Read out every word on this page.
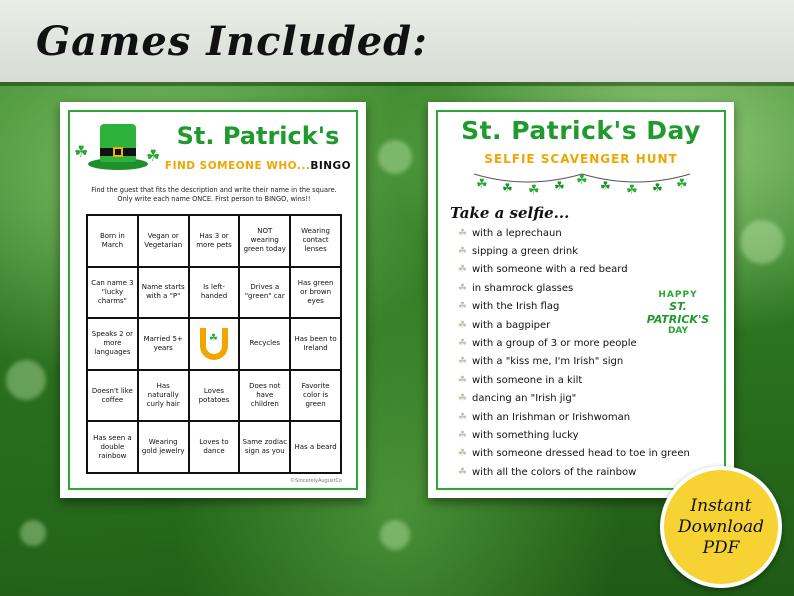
Games Included:
☘	☘
St. Patrick's
FIND SOMEONE WHO...BINGO
Find the guest that fits the description and write their name in the square. Only write each name ONCE. First person to BINGO, wins!!
Born in March
Vegan or Vegetarian
Has 3 or more pets
NOT wearing green today
Wearing contact lenses
Can name 3 "lucky charms"
Name starts with a "P"
Is left-handed
Drives a "green" car
Has green or brown eyes
Speaks 2 or more languages
Married 5+ years
☘	Recycles
Has been to Ireland
Doesn't like coffee
Has naturally curly hair
Loves potatoes
Does not have children
Favorite color is green
Has seen a double rainbow
Wearing gold jewelry
Loves to dance
Same zodiac sign as you
Has a beard
©SincerelyAugustCo
St. Patrick's Day
SELFIE SCAVENGER HUNT
☘ ☘ ☘ ☘ ☘ ☘ ☘ ☘ ☘
Take a selfie...
☘ with a leprechaun
☘ sipping a green drink
☘ with someone with a red beard
☘ in shamrock glasses
☘ with the Irish flag
☘ with a bagpiper
☘ with a group of 3 or more people
☘ with a "kiss me, I'm Irish" sign
☘ with someone in a kilt
☘ dancing an "Irish jig"
☘ with an Irishman or Irishwoman
☘ with something lucky
☘ with someone dressed head to toe in green
☘ with all the colors of the rainbow
HAPPY
ST. PATRICK'S
DAY
Instant
Download
PDF
